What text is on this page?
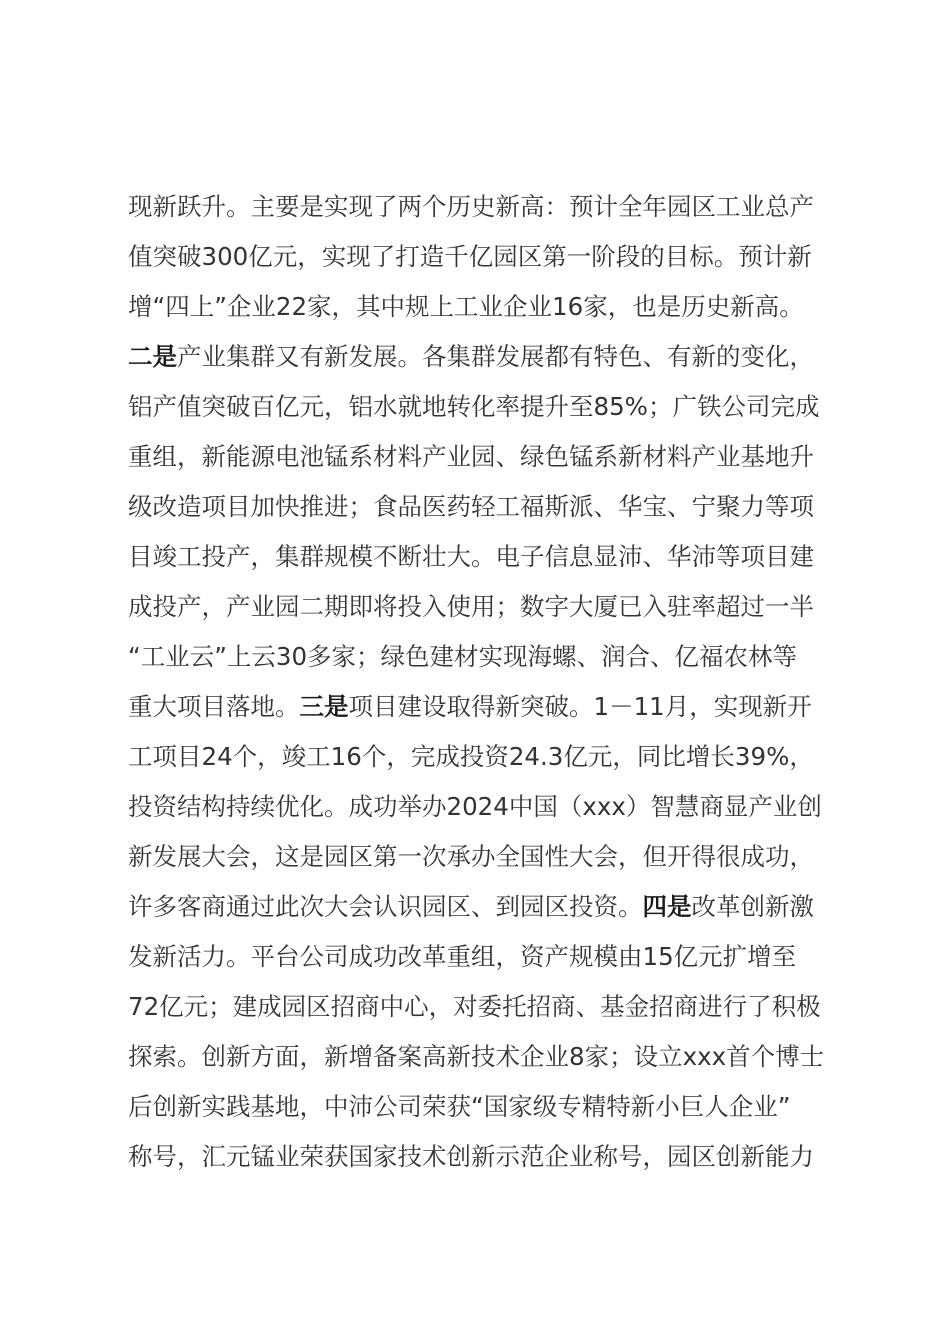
现新跃升。主要是实现了两个历史新高：预计全年园区工业总产
值突破300亿元，实现了打造千亿园区第一阶段的目标。预计新
增“四上”企业22家，其中规上工业企业16家，也是历史新高。
二是产业集群又有新发展。各集群发展都有特色、有新的变化，
铝产值突破百亿元，铝水就地转化率提升至85%；广铁公司完成
重组，新能源电池锰系材料产业园、绿色锰系新材料产业基地升
级改造项目加快推进；食品医药轻工福斯派、华宝、宁聚力等项
目竣工投产，集群规模不断壮大。电子信息显沛、华沛等项目建
成投产，产业园二期即将投入使用；数字大厦已入驻率超过一半
“工业云”上云30多家；绿色建材实现海螺、润合、亿福农林等
重大项目落地。三是项目建设取得新突破。1－11月，实现新开
工项目24个，竣工16个，完成投资24.3亿元，同比增长39%，
投资结构持续优化。成功举办2024中国（xxx）智慧商显产业创
新发展大会，这是园区第一次承办全国性大会，但开得很成功，
许多客商通过此次大会认识园区、到园区投资。四是改革创新激
发新活力。平台公司成功改革重组，资产规模由15亿元扩增至
72亿元；建成园区招商中心，对委托招商、基金招商进行了积极
探索。创新方面，新增备案高新技术企业8家；设立xxx首个博士
后创新实践基地，中沛公司荣获“国家级专精特新小巨人企业”
称号，汇元锰业荣获国家技术创新示范企业称号，园区创新能力
